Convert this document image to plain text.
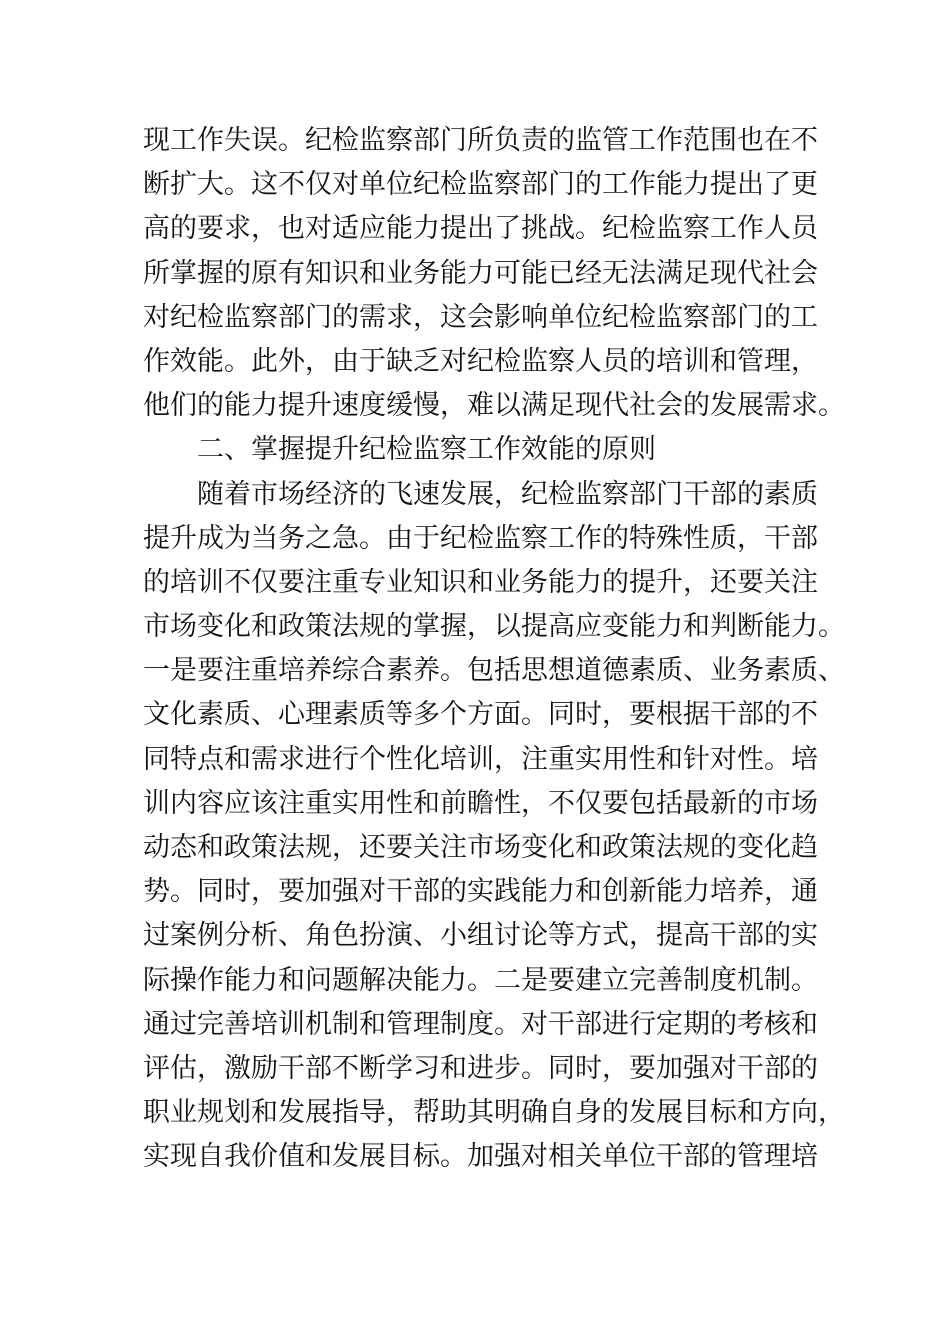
现工作失误。纪检监察部门所负责的监管工作范围也在不
断扩大。这不仅对单位纪检监察部门的工作能力提出了更
高的要求，也对适应能力提出了挑战。纪检监察工作人员
所掌握的原有知识和业务能力可能已经无法满足现代社会
对纪检监察部门的需求，这会影响单位纪检监察部门的工
作效能。此外，由于缺乏对纪检监察人员的培训和管理，
他们的能力提升速度缓慢，难以满足现代社会的发展需求。
二、掌握提升纪检监察工作效能的原则
随着市场经济的飞速发展，纪检监察部门干部的素质
提升成为当务之急。由于纪检监察工作的特殊性质，干部
的培训不仅要注重专业知识和业务能力的提升，还要关注
市场变化和政策法规的掌握，以提高应变能力和判断能力。
一是要注重培养综合素养。包括思想道德素质、业务素质、
文化素质、心理素质等多个方面。同时，要根据干部的不
同特点和需求进行个性化培训，注重实用性和针对性。培
训内容应该注重实用性和前瞻性，不仅要包括最新的市场
动态和政策法规，还要关注市场变化和政策法规的变化趋
势。同时，要加强对干部的实践能力和创新能力培养，通
过案例分析、角色扮演、小组讨论等方式，提高干部的实
际操作能力和问题解决能力。二是要建立完善制度机制。
通过完善培训机制和管理制度。对干部进行定期的考核和
评估，激励干部不断学习和进步。同时，要加强对干部的
职业规划和发展指导，帮助其明确自身的发展目标和方向，
实现自我价值和发展目标。加强对相关单位干部的管理培
